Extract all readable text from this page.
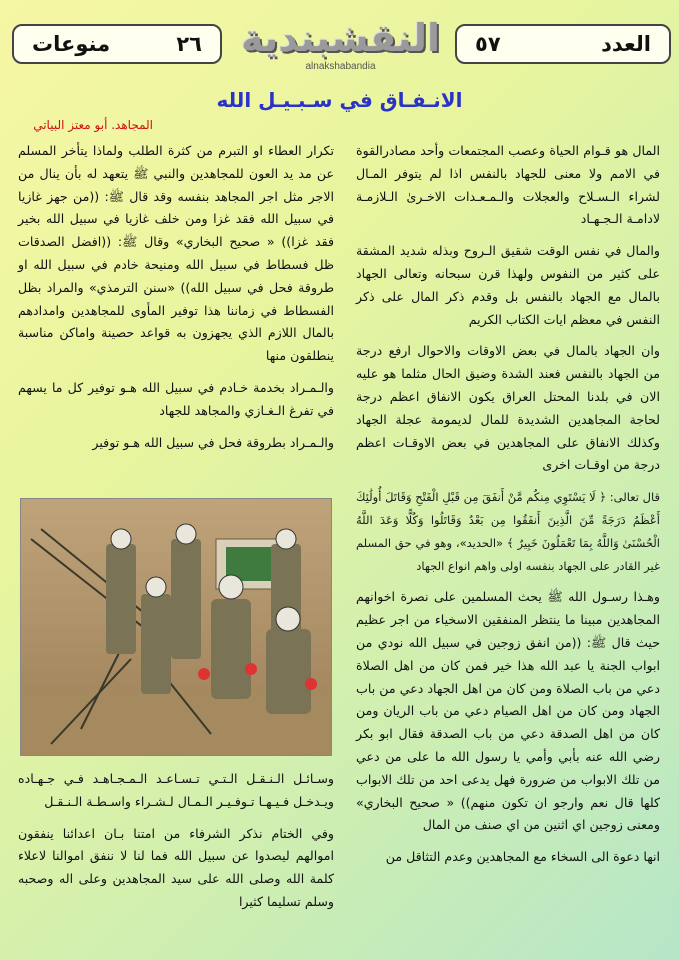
٢٦
منوعات	النقشبندية
alnakshabandia
العدد
٥٧
الانـفـاق في سـبـيـل الله
المجاهد. أبو معتز البياتي

المال هو قـوام الحياة وعصب المجتمعات وأحد مصادرالقوة في الامم ولا معنى للجهاد بالنفس اذا لم يتوفر المـال لشراء الـسـلاح والعجلات والـمـعـدات الاخـرىٰ الـلازمـة لادامـة الـجـهـاد

والمال في نفس الوقت شقيق الـروح وبذله شديد المشقة على كثير من النفوس ولهذا قرن سبحانه وتعالى الجهاد بالمال مع الجهاد بالنفس بل وقدم ذكر المال على ذكر النفس في معظم ايات الكتاب الكريم

وان الجهاد بالمال في بعض الاوقات والاحوال ارفع درجة من الجهاد بالنفس فعند الشدة وضيق الحال مثلما هو عليه الان في بلدنا المحتل العراق يكون الانفاق اعظم درجة لحاجة المجاهدين الشديدة للمال لديمومة عجلة الجهاد وكذلك الانفاق على المجاهدين في بعض الاوقـات اعظم درجة من اوقـات اخرى

قال تعالى: ﴿ لَا يَسْتَوِي مِنكُم مَّنْ أَنفَقَ مِن قَبْلِ الْفَتْحِ وَقَاتَلَ أُولَٰئِكَ أَعْظَمُ دَرَجَةً مِّنَ الَّذِينَ أَنفَقُوا مِن بَعْدُ وَقَاتَلُوا وَكُلًّا وَعَدَ اللَّهُ الْحُسْنَىٰ وَاللَّهُ بِمَا تَعْمَلُونَ خَبِيرٌ ﴾ «الحديد»، وهو في حق المسلم غير القادر على الجهاد بنفسه اولى واهم انواع الجهاد

وهـذا رسـول الله ﷺ يحث المسلمين على نصرة اخوانهم المجاهدين مبينا ما ينتظر المنفقين الاسخياء من اجر عظيم حيث قال ﷺ: ((من انفق زوجين في سبيل الله نودي من ابواب الجنة يا عبد الله هذا خير فمن كان من اهل الصلاة دعي من باب الصلاة ومن كان من اهل الجهاد دعي من باب الجهاد ومن كان من اهل الصيام دعي من باب الريان ومن كان من اهل الصدقة دعي من باب الصدقة فقال ابو بكر رضي الله عنه بأبي وأمي يا رسول الله ما على من دعي من تلك الابواب من ضرورة فهل يدعى احد من تلك الابواب كلها قال نعم وارجو ان تكون منهم)) « صحيح البخاري» ومعنى زوجين اي اثنين من اي صنف من المال

انها دعوة الى السخاء مع المجاهدين وعدم التثاقل من

تكرار العطاء او التبرم من كثرة الطلب ولماذا يتأخر المسلم عن مد يد العون للمجاهدين والنبي ﷺ يتعهد له بأن ينال من الاجر مثل اجر المجاهد بنفسه وقد قال ﷺ: ((من جهز غازيا في سبيل الله فقد غزا ومن خلف غازيا في سبيل الله بخير فقد غزا)) « صحيح البخاري» وقال ﷺ: ((افضل الصدقات ظل فسطاط في سبيل الله ومنيحة خادم في سبيل الله او طروقة فحل في سبيل الله)) «سنن الترمذي» والمراد بظل الفسطاط في زماننا هذا توفير المأوى للمجاهدين وامدادهم بالمال اللازم الذي يجهزون به قواعد حصينة واماكن مناسبة ينطلقون منها

والـمـراد بخدمة خـادم في سبيل الله هـو توفير كل ما يسهم في تفرغ الـغـازي والمجاهد للجهاد

والـمـراد بطروقة فحل في سبيل الله هـو توفير

وسـائـل الـنـقـل الـتـي تـسـاعـد الـمـجـاهـد فـي جـهـاده ويـدخـل فـيـهـا تـوفـيـر الـمـال لـشـراء واسـطـة الـنـقـل

وفي الختام نذكر الشرفاء من امتنا بـان اعدائنا ينفقون اموالهم ليصدوا عن سبيل الله فما لنا لا ننفق اموالنا لاعلاء كلمة الله وصلى الله على سيد المجاهدين وعلى اله وصحبه وسلم تسليما كثيرا
